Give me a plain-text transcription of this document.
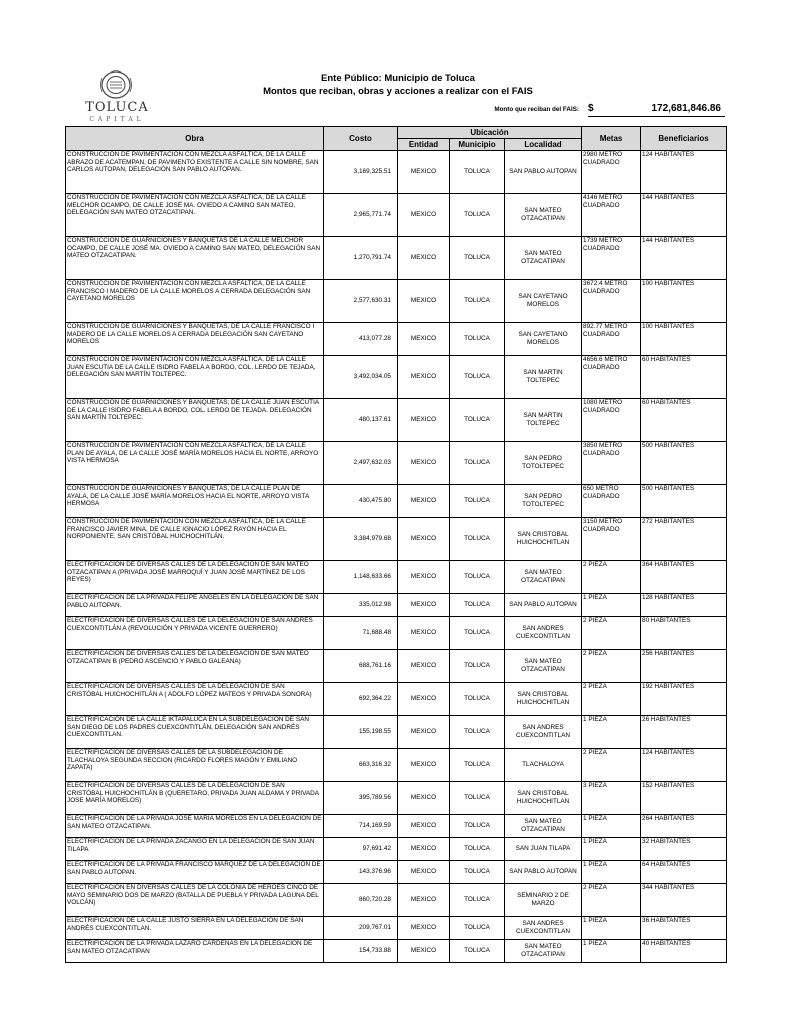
TOLUCA
CAPITAL
Ente Público: Municipio de Toluca
Montos que reciban, obras y acciones a realizar con el FAIS
Monto que reciban del FAIS: $	172,681,846.86
Obra	Costo	Ubicación			Metas	Beneficiarios
		Entidad	Municipio	Localidad		
CONSTRUCCIÓN DE PAVIMENTACIÓN CON MEZCLA ASFÁLTICA, DE LA CALLE ABRAZO DE ACATEMPAN, DE PAVIMENTO EXISTENTE A CALLE SIN NOMBRE, SAN CARLOS AUTOPAN, DELEGACIÓN SAN PABLO AUTOPAN.	3,169,325.51	MEXICO	TOLUCA	SAN PABLO AUTOPAN	2980 METRO CUADRADO	124 HABITANTES
CONSTRUCCIÓN DE PAVIMENTACIÓN CON MEZCLA ASFÁLTICA, DE LA CALLE MELCHOR OCAMPO, DE CALLE JOSÉ MA. OVIEDO A CAMINO SAN MATEO, DELEGACIÓN SAN MATEO OTZACATIPAN.	2,965,771.74	MEXICO	TOLUCA	SAN MATEO OTZACATIPAN	4146 METRO CUADRADO	144 HABITANTES
CONSTRUCCIÓN DE GUARNICIONES Y BANQUETAS DE LA CALLE MELCHOR OCAMPO, DE CALLE JOSÉ MA. OVIEDO A CAMINO SAN MATEO, DELEGACIÓN SAN MATEO OTZACATIPAN.	1,270,791.74	MEXICO	TOLUCA	SAN MATEO OTZACATIPAN	1739 METRO CUADRADO	144 HABITANTES
CONSTRUCCIÓN DE PAVIMENTACIÓN CON MEZCLA ASFÁLTICA, DE LA CALLE FRANCISCO I MADERO DE LA CALLE MORELOS A CERRADA DELEGACIÓN SAN CAYETANO MORELOS	2,577,630.31	MEXICO	TOLUCA	SAN CAYETANO MORELOS	3672.4 METRO CUADRADO	100 HABITANTES
CONSTRUCCIÓN DE GUARNICIONES Y BANQUETAS, DE LA CALLE FRANCISCO I MADERO DE LA CALLE MORELOS A CERRADA DELEGACIÓN SAN CAYETANO MORELOS	413,077.28	MEXICO	TOLUCA	SAN CAYETANO MORELOS	892.77 METRO CUADRADO	100 HABITANTES
CONSTRUCCIÓN DE PAVIMENTACIÓN CON MEZCLA ASFÁLTICA, DE LA CALLE JUAN ESCUTIA DE LA CALLE ISIDRO FABELA A BORDO, COL. LERDO DE TEJADA, DELEGACIÓN SAN MARTÍN TOLTEPEC.	3,492,034.05	MEXICO	TOLUCA	SAN MARTIN TOLTEPEC	4656.6 METRO CUADRADO	60 HABITANTES
CONSTRUCCIÓN DE GUARNICIONES Y BANQUETAS; DE LA CALLE JUAN ESCUTIA DE LA CALLE ISIDRO FABELA A BORDO, COL. LERDO DE TEJADA, DELEGACIÓN SAN MARTÍN TOLTEPEC.	480,137.61	MEXICO	TOLUCA	SAN MARTIN TOLTEPEC	1080 METRO CUADRADO	60 HABITANTES
CONSTRUCCIÓN DE PAVIMENTACIÓN CON MEZCLA ASFÁLTICA, DE LA CALLE PLAN DE AYALA, DE LA CALLE JOSÉ MARÍA MORELOS HACIA EL NORTE, ARROYO VISTA HERMOSA	2,497,632.03	MEXICO	TOLUCA	SAN PEDRO TOTOLTEPEC	3850 METRO CUADRADO	500 HABITANTES
CONSTRUCCIÓN DE GUARNICIONES Y BANQUETAS, DE LA CALLE PLAN DE AYALA, DE LA CALLE JOSÉ MARÍA MORELOS HACIA EL NORTE, ARROYO VISTA HERMOSA	430,475.80	MEXICO	TOLUCA	SAN PEDRO TOTOLTEPEC	650 METRO CUADRADO	500 HABITANTES
CONSTRUCCIÓN DE PAVIMENTACIÓN CON MEZCLA ASFÁLTICA, DE LA CALLE FRANCISCO JAVIER MINA, DE CALLE IGNACIO LÓPEZ RAYÓN HACIA EL NORPONIENTE, SAN CRISTÓBAL HUICHOCHITLÁN.	3,384,979.68	MEXICO	TOLUCA	SAN CRISTOBAL HUICHOCHITLAN	3150 METRO CUADRADO	272 HABITANTES
ELECTRIFICACIÓN DE DIVERSAS CALLES DE LA DELEGACIÓN DE SAN MATEO OTZACATIPAN A (PRIVADA JOSÉ MARROQUÍ Y JUAN JOSÉ MARTÍNEZ DE LOS REYES)	1,148,633.66	MEXICO	TOLUCA	SAN MATEO OTZACATIPAN	2 PIEZA	364 HABITANTES
ELECTRIFICACIÓN DE LA PRIVADA FELIPE ÁNGELES EN LA DELEGACIÓN DE SAN PABLO AUTOPAN.	335,012.98	MEXICO	TOLUCA	SAN PABLO AUTOPAN	1 PIEZA	128 HABITANTES
ELECTRIFICACIÓN DE DIVERSAS CALLES DE LA DELEGACIÓN DE SAN ANDRÉS CUEXCONTITLÁN A (REVOLUCIÓN Y PRIVADA VICENTE GUERRERO)	71,688.48	MEXICO	TOLUCA	SAN ANDRES CUEXCONTITLAN	2 PIEZA	80 HABITANTES
ELECTRIFICACIÓN DE DIVERSAS CALLES DE LA DELEGACIÓN DE SAN MATEO OTZACATIPAN B (PEDRO ASCENCIO Y PABLO GALEANA)	688,761.16	MEXICO	TOLUCA	SAN MATEO OTZACATIPAN	2 PIEZA	256 HABITANTES
ELECTRIFICACIÓN DE DIVERSAS CALLES DE LA DELEGACIÓN DE SAN CRISTÓBAL HUICHOCHITLÁN A ( ADOLFO LÓPEZ MATEOS Y PRIVADA SONORA)	692,364.22	MEXICO	TOLUCA	SAN CRISTOBAL HUICHOCHITLAN	2 PIEZA	192 HABITANTES
ELECTRIFICACIÓN DE LA CALLE IKTAPALUCA EN LA SUBDELEGACIÓN DE SAN SAN DIEGO DE LOS PADRES CUEXCONTITLÁN, DELEGACIÓN SAN ANDRÉS CUEXCONTITLAN.	155,198.55	MEXICO	TOLUCA	SAN ANDRES CUEXCONTITLAN	1 PIEZA	26 HABITANTES
ELECTRIFICACIÓN DE DIVERSAS CALLES DE LA SUBDELEGACIÓN DE TLACHALOYA SEGUNDA SECCION (RICARDO FLORES MAGÓN Y EMILIANO ZAPATA)	663,316.32	MEXICO	TOLUCA	TLACHALOYA	2 PIEZA	124 HABITANTES
ELECTRIFICACIÓN DE DIVERSAS CALLES DE LA DELEGACIÓN DE SAN CRISTÓBAL HUICHOCHITLÁN B (QUERETARO, PRIVADA JUAN ALDAMA Y PRIVADA JOSE MARÍA MORELOS)	395,789.56	MEXICO	TOLUCA	SAN CRISTOBAL HUICHOCHITLAN	3 PIEZA	152 HABITANTES
ELECTRIFICACIÓN DE LA PRIVADA JOSÉ MARÍA MORELOS EN LA DELEGACION DE SAN MATEO OTZACATIPAN.	714,169.59	MEXICO	TOLUCA	SAN MATEO OTZACATIPAN	1 PIEZA	264 HABITANTES
ELECTRIFICACIÓN DE LA PRIVADA ZACANGO EN LA DELEGACIÓN DE SAN JUAN TILAPA	97,691.42	MEXICO	TOLUCA	SAN JUAN TILAPA	1 PIEZA	32 HABITANTES
ELECTRIFICACIÓN DE LA PRIVADA FRANCISCO MÁRQUEZ DE LA DELEGACIÓN DE SAN PABLO AUTOPAN.	143,376.96	MEXICO	TOLUCA	SAN PABLO AUTOPAN	1 PIEZA	64 HABITANTES
ELECTRIFICACIÓN EN DIVERSAS CALLES DE LA COLONIA DE HÉROES CINCO DE MAYO SEMINARIO DOS DE MARZO (BATALLA DE PUEBLA Y PRIVADA LAGUNA DEL VOLCÁN)	860,720.28	MEXICO	TOLUCA	SEMINARIO 2 DE MARZO	2 PIEZA	344 HABITANTES
ELECTRIFICACIÓN DE LA CALLE JUSTO SIERRA EN LA DELEGACIÓN DE SAN ANDRÉS CUEXCONTITLAN.	209,767.01	MEXICO	TOLUCA	SAN ANDRES CUEXCONTITLAN	1 PIEZA	36 HABITANTES
ELECTRIFICACIÓN DE LA PRIVADA LÁZARO CÁRDENAS EN LA DELEGACIÓN DE SAN MATEO OTZACATIPAN	154,733.88	MEXICO	TOLUCA	SAN MATEO OTZACATIPAN	1 PIEZA	40 HABITANTES
